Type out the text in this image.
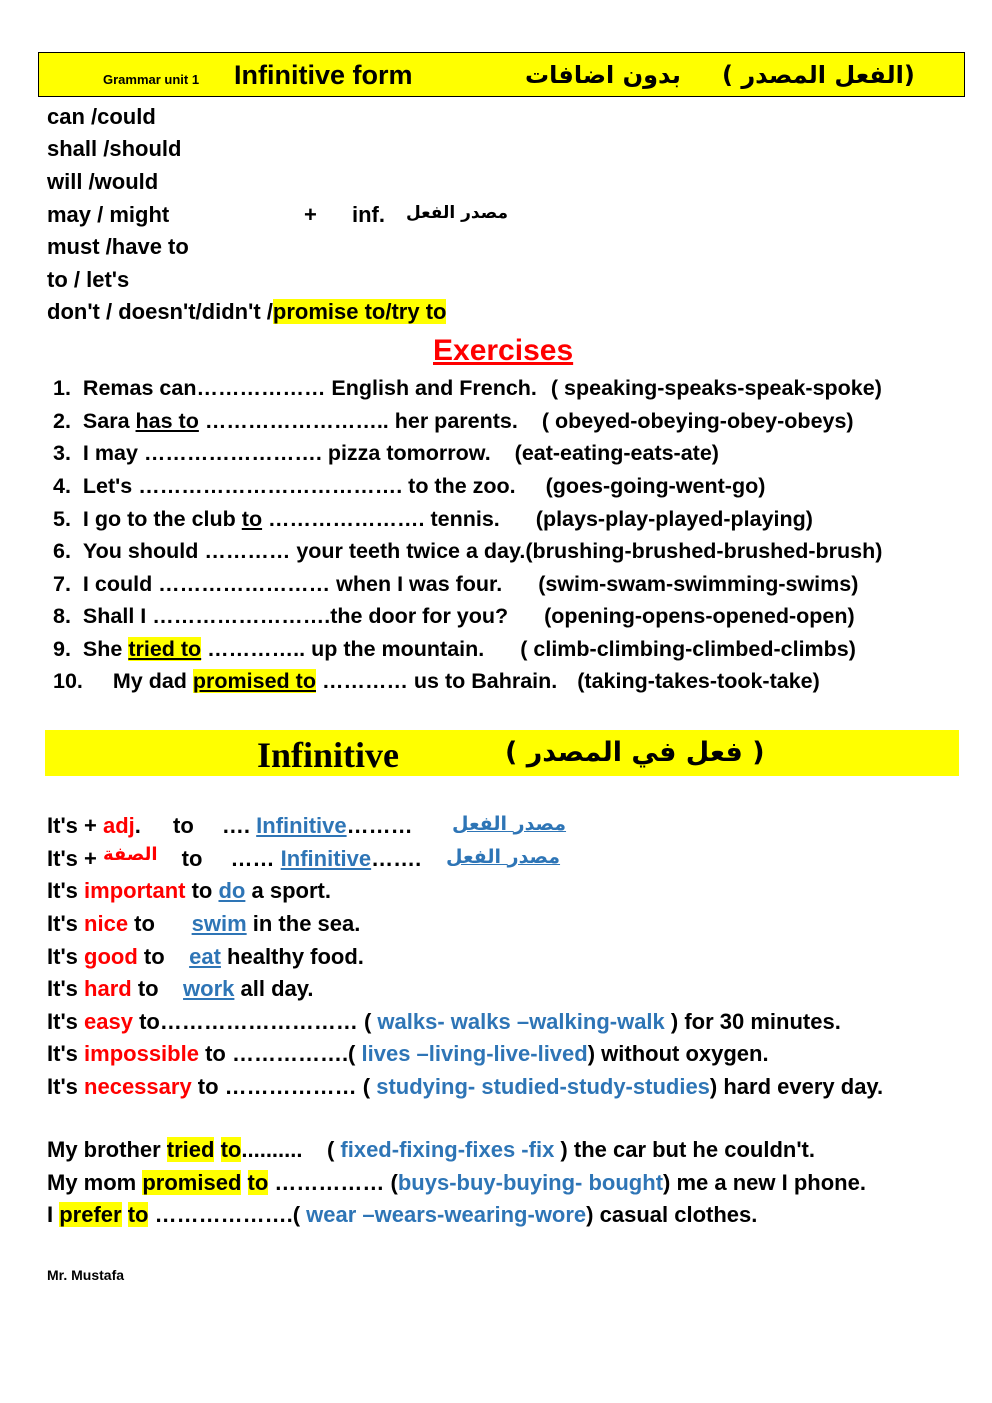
Grammar unit 1 Infinitive form	بدون اضافات (الفعل المصدر )
can /could
shall /should
will /would
may / might	+ inf. مصدر الفعل
must /have to
to / let's
don't / doesn't/didn't /promise to/try to
Exercises
1. Remas can……………… English and French. ( speaking-speaks-speak-spoke)
2. Sara has to …………………….. her parents. ( obeyed-obeying-obey-obeys)
3. I may ……………………. pizza tomorrow. (eat-eating-eats-ate)
4. Let's ………………………………. to the zoo. (goes-going-went-go)
5. I go to the club to …………………. tennis. (plays-play-played-playing)
6. You should ………… your teeth twice a day.(brushing-brushed-brushed-brush)
7. I could …………………… when I was four. (swim-swam-swimming-swims)
8. Shall I …………………….the door for you? (opening-opens-opened-open)
9. She tried to ………….. up the mountain. ( climb-climbing-climbed-climbs)
10. My dad promised to ………… us to Bahrain. (taking-takes-took-take)
Infinitive	( فعل في المصدر )
It's + adj. to …. Infinitive………	مصدر الفعل
It's + $^{الصفة}$ to …… Infinitive…….	مصدر الفعل
It's important to do a sport.
It's nice to      swim in the sea.
It's good to    eat healthy food.
It's hard to    work all day.
It's easy to……………………… ( walks- walks –walking-walk ) for 30 minutes.
It's impossible to …………….( lives –living-live-lived) without oxygen.
It's necessary to ……………… ( studying- studied-study-studies) hard every day.
My brother tried to..........    ( fixed-fixing-fixes -fix ) the car but he couldn't.
My mom promised to …………… (buys-buy-buying- bought) me a new I phone.
I prefer to ……………….( wear –wears-wearing-wore) casual clothes.
Mr. Mustafa
